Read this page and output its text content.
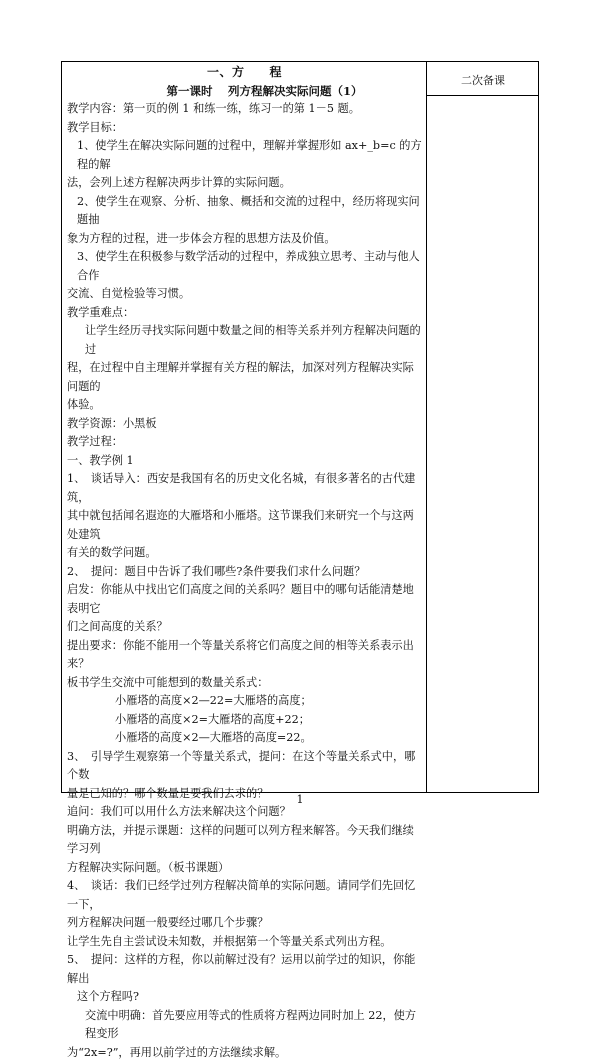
二次备课
一、方　　程
第一课时　 列方程解决实际问题（1）

教学内容：第一页的例 1 和练一练，练习一的第 1－5 题。

教学目标：

1、使学生在解决实际问题的过程中，理解并掌握形如 ax+_b=c 的方程的解

法，会列上述方程解决两步计算的实际问题。

2、使学生在观察、分析、抽象、概括和交流的过程中，经历将现实问题抽

象为方程的过程，进一步体会方程的思想方法及价值。

3、使学生在积极参与数学活动的过程中，养成独立思考、主动与他人合作

交流、自觉检验等习惯。

教学重难点：

让学生经历寻找实际问题中数量之间的相等关系并列方程解决问题的过

程，在过程中自主理解并掌握有关方程的解法，加深对列方程解决实际问题的

体验。

教学资源：小黑板

教学过程：

一、教学例 1

1、　谈话导入：西安是我国有名的历史文化名城，有很多著名的古代建筑，

其中就包括闻名遐迩的大雁塔和小雁塔。这节课我们来研究一个与这两处建筑

有关的数学问题。

2、　提问：题目中告诉了我们哪些?条件要我们求什么问题？

启发：你能从中找出它们高度之间的关系吗？题目中的哪句话能清楚地表明它

们之间高度的关系？

提出要求：你能不能用一个等量关系将它们高度之间的相等关系表示出来？

板书学生交流中可能想到的数量关系式：

小雁塔的高度×2—22=大雁塔的高度；

小雁塔的高度×2=大雁塔的高度+22；

小雁塔的高度×2—大雁塔的高度=22。

3、　引导学生观察第一个等量关系式，提问：在这个等量关系式中，哪个数

量是已知的？哪个数量是要我们去求的？

追问：我们可以用什么方法来解决这个问题？

明确方法，并提示课题：这样的问题可以列方程来解答。今天我们继续学习列

方程解决实际问题。（板书课题）

4、　谈话：我们已经学过列方程解决简单的实际问题。请同学们先回忆一下，

列方程解决问题一般要经过哪几个步骤？

让学生先自主尝试设未知数，并根据第一个等量关系式列出方程。

5、　提问：这样的方程，你以前解过没有？运用以前学过的知识，你能解出

这个方程吗?

交流中明确：首先要应用等式的性质将方程两边同时加上 22，使方程变形

为“2x=?”，再用以前学过的方法继续求解。

1
